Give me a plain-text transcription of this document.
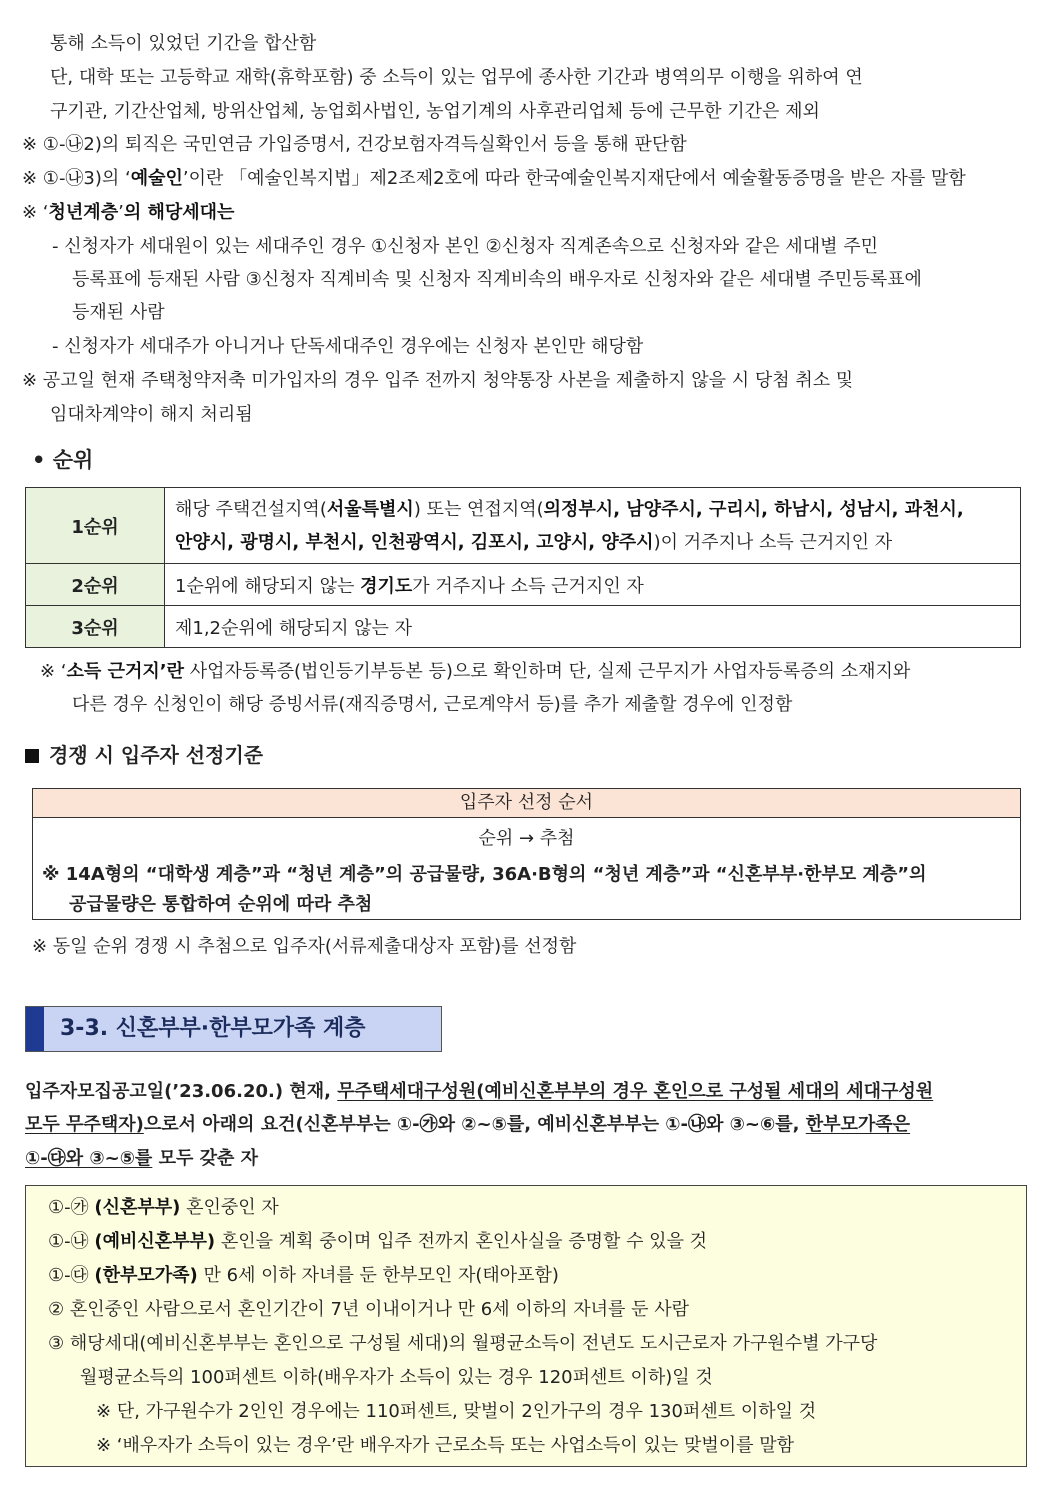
통해 소득이 있었던 기간을 합산함
단, 대학 또는 고등학교 재학(휴학포함) 중 소득이 있는 업무에 종사한 기간과 병역의무 이행을 위하여 연
구기관, 기간산업체, 방위산업체, 농업회사법인, 농업기계의 사후관리업체 등에 근무한 기간은 제외
※ ①-㉯2)의 퇴직은 국민연금 가입증명서, 건강보험자격득실확인서 등을 통해 판단함
※ ①-㉯3)의 ‘예술인’이란 「예술인복지법」제2조제2호에 따라 한국예술인복지재단에서 예술활동증명을 받은 자를 말함
※ ‘청년계층’의 해당세대는
- 신청자가 세대원이 있는 세대주인 경우 ①신청자 본인 ②신청자 직계존속으로 신청자와 같은 세대별 주민
등록표에 등재된 사람 ③신청자 직계비속 및 신청자 직계비속의 배우자로 신청자와 같은 세대별 주민등록표에
등재된 사람
- 신청자가 세대주가 아니거나 단독세대주인 경우에는 신청자 본인만 해당함
※ 공고일 현재 주택청약저축 미가입자의 경우 입주 전까지 청약통장 사본을 제출하지 않을 시 당첨 취소 및
임대차계약이 해지 처리됨
• 순위
1순위	해당 주택건설지역(서울특별시) 또는 연접지역(의정부시, 남양주시, 구리시, 하남시, 성남시, 과천시,
안양시, 광명시, 부천시, 인천광역시, 김포시, 고양시, 양주시)이 거주지나 소득 근거지인 자
2순위	1순위에 해당되지 않는 경기도가 거주지나 소득 근거지인 자
3순위	제1,2순위에 해당되지 않는 자
※ ‘소득 근거지’란 사업자등록증(법인등기부등본 등)으로 확인하며 단, 실제 근무지가 사업자등록증의 소재지와
다른 경우 신청인이 해당 증빙서류(재직증명서, 근로계약서 등)를 추가 제출할 경우에 인정함
경쟁 시 입주자 선정기준
입주자 선정 순서
순위 → 추첨
※ 14A형의 “대학생 계층”과 “청년 계층”의 공급물량, 36A·B형의 “청년 계층”과 “신혼부부·한부모 계층”의
공급물량은 통합하여 순위에 따라 추첨
※ 동일 순위 경쟁 시 추첨으로 입주자(서류제출대상자 포함)를 선정함
3-3. 신혼부부·한부모가족 계층
입주자모집공고일(’23.06.20.) 현재, 무주택세대구성원(예비신혼부부의 경우 혼인으로 구성될 세대의 세대구성원
모두 무주택자)으로서 아래의 요건(신혼부부는 ①-㉮와 ②~⑤를, 예비신혼부부는 ①-㉯와 ③~⑥를, 한부모가족은
①-㉰와 ③~⑤를 모두 갖춘 자
①-㉮ (신혼부부) 혼인중인 자
①-㉯ (예비신혼부부) 혼인을 계획 중이며 입주 전까지 혼인사실을 증명할 수 있을 것
①-㉰ (한부모가족) 만 6세 이하 자녀를 둔 한부모인 자(태아포함)
② 혼인중인 사람으로서 혼인기간이 7년 이내이거나 만 6세 이하의 자녀를 둔 사람
③ 해당세대(예비신혼부부는 혼인으로 구성될 세대)의 월평균소득이 전년도 도시근로자 가구원수별 가구당
월평균소득의 100퍼센트 이하(배우자가 소득이 있는 경우 120퍼센트 이하)일 것
※ 단, 가구원수가 2인인 경우에는 110퍼센트, 맞벌이 2인가구의 경우 130퍼센트 이하일 것
※ ‘배우자가 소득이 있는 경우’란 배우자가 근로소득 또는 사업소득이 있는 맞벌이를 말함
